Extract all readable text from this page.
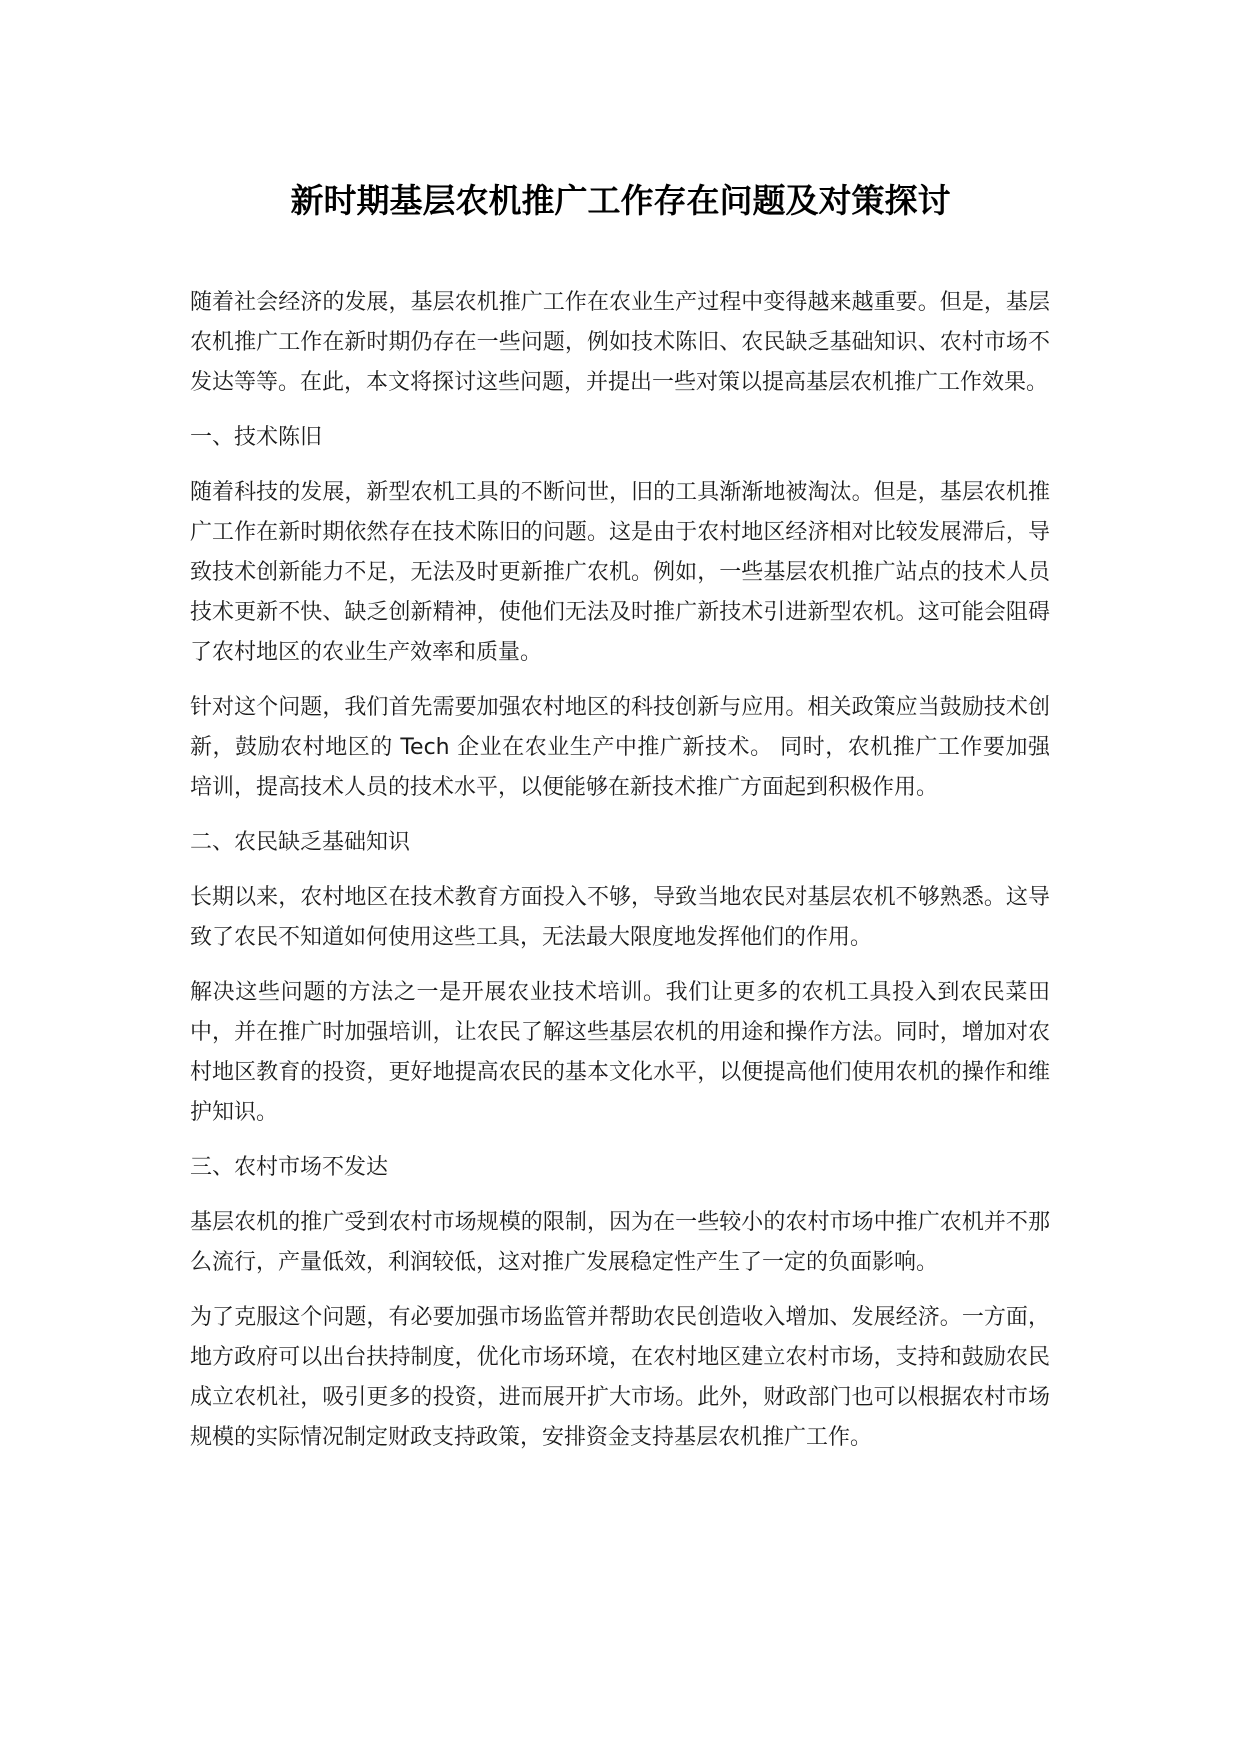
新时期基层农机推广工作存在问题及对策探讨

随着社会经济的发展，基层农机推广工作在农业生产过程中变得越来越重要。但是，基层农机推广工作在新时期仍存在一些问题，例如技术陈旧、农民缺乏基础知识、农村市场不发达等等。在此，本文将探讨这些问题，并提出一些对策以提高基层农机推广工作效果。

一、技术陈旧

随着科技的发展，新型农机工具的不断问世，旧的工具渐渐地被淘汰。但是，基层农机推广工作在新时期依然存在技术陈旧的问题。这是由于农村地区经济相对比较发展滞后，导致技术创新能力不足，无法及时更新推广农机。例如，一些基层农机推广站点的技术人员技术更新不快、缺乏创新精神，使他们无法及时推广新技术引进新型农机。这可能会阻碍了农村地区的农业生产效率和质量。

针对这个问题，我们首先需要加强农村地区的科技创新与应用。相关政策应当鼓励技术创新，鼓励农村地区的 Tech 企业在农业生产中推广新技术。 同时，农机推广工作要加强培训，提高技术人员的技术水平，以便能够在新技术推广方面起到积极作用。

二、农民缺乏基础知识

长期以来，农村地区在技术教育方面投入不够，导致当地农民对基层农机不够熟悉。这导致了农民不知道如何使用这些工具，无法最大限度地发挥他们的作用。

解决这些问题的方法之一是开展农业技术培训。我们让更多的农机工具投入到农民菜田中，并在推广时加强培训，让农民了解这些基层农机的用途和操作方法。同时，增加对农村地区教育的投资，更好地提高农民的基本文化水平，以便提高他们使用农机的操作和维护知识。

三、农村市场不发达

基层农机的推广受到农村市场规模的限制，因为在一些较小的农村市场中推广农机并不那么流行，产量低效，利润较低，这对推广发展稳定性产生了一定的负面影响。

为了克服这个问题，有必要加强市场监管并帮助农民创造收入增加、发展经济。一方面，地方政府可以出台扶持制度，优化市场环境，在农村地区建立农村市场，支持和鼓励农民成立农机社，吸引更多的投资，进而展开扩大市场。此外，财政部门也可以根据农村市场规模的实际情况制定财政支持政策，安排资金支持基层农机推广工作。
